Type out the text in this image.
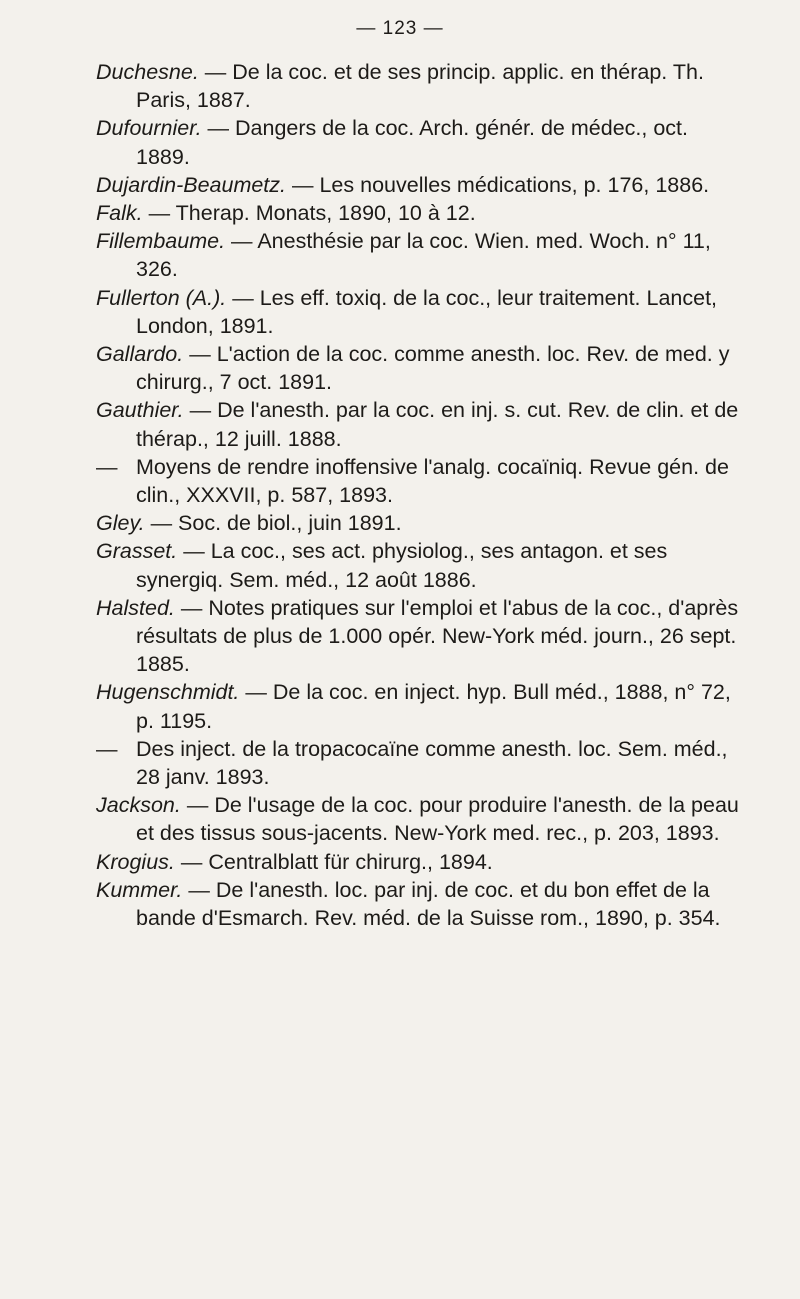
— 123 —

Duchesne. — De la coc. et de ses princip. applic. en thérap. Th. Paris, 1887.

Dufournier. — Dangers de la coc. Arch. génér. de médec., oct. 1889.

Dujardin-Beaumetz. — Les nouvelles médications, p. 176, 1886.

Falk. — Therap. Monats, 1890, 10 à 12.

Fillembaume. — Anesthésie par la coc. Wien. med. Woch. n° 11, 326.

Fullerton (A.). — Les eff. toxiq. de la coc., leur traitement. Lancet, London, 1891.

Gallardo. — L'action de la coc. comme anesth. loc. Rev. de med. y chirurg., 7 oct. 1891.

Gauthier. — De l'anesth. par la coc. en inj. s. cut. Rev. de clin. et de thérap., 12 juill. 1888.

— Moyens de rendre inoffensive l'analg. cocaïniq. Revue gén. de clin., XXXVII, p. 587, 1893.

Gley. — Soc. de biol., juin 1891.

Grasset. — La coc., ses act. physiolog., ses antagon. et ses synergiq. Sem. méd., 12 août 1886.

Halsted. — Notes pratiques sur l'emploi et l'abus de la coc., d'après résultats de plus de 1.000 opér. New-York méd. journ., 26 sept. 1885.

Hugenschmidt. — De la coc. en inject. hyp. Bull méd., 1888, n° 72, p. 1195.

— Des inject. de la tropacocaïne comme anesth. loc. Sem. méd., 28 janv. 1893.

Jackson. — De l'usage de la coc. pour produire l'anesth. de la peau et des tissus sous-jacents. New-York med. rec., p. 203, 1893.

Krogius. — Centralblatt für chirurg., 1894.

Kummer. — De l'anesth. loc. par inj. de coc. et du bon effet de la bande d'Esmarch. Rev. méd. de la Suisse rom., 1890, p. 354.
